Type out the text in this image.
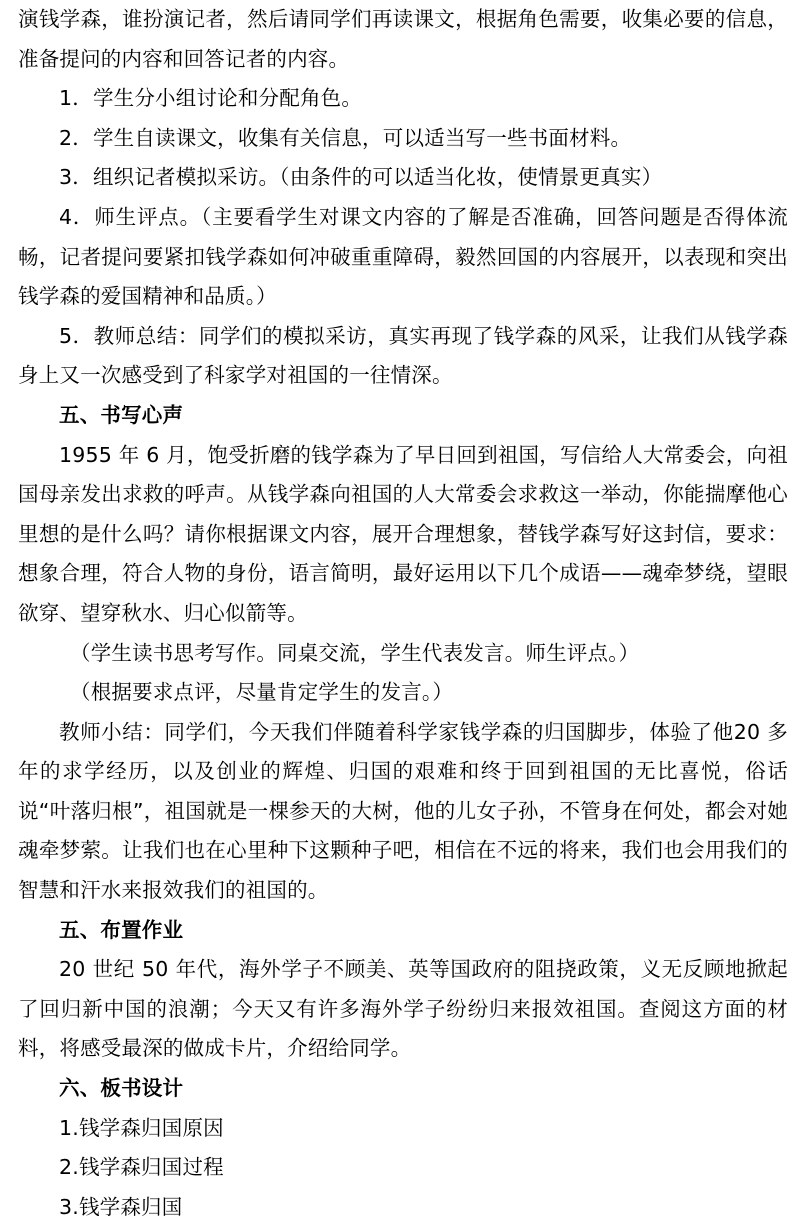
演钱学森，谁扮演记者，然后请同学们再读课文，根据角色需要，收集必要的信息，准备提问的内容和回答记者的内容。

1．学生分小组讨论和分配角色。

2．学生自读课文，收集有关信息，可以适当写一些书面材料。

3．组织记者模拟采访。（由条件的可以适当化妆，使情景更真实）

4．师生评点。（主要看学生对课文内容的了解是否准确，回答问题是否得体流畅，记者提问要紧扣钱学森如何冲破重重障碍，毅然回国的内容展开，以表现和突出钱学森的爱国精神和品质。）

5．教师总结：同学们的模拟采访，真实再现了钱学森的风采，让我们从钱学森身上又一次感受到了科家学对祖国的一往情深。

五、书写心声

1955 年 6 月，饱受折磨的钱学森为了早日回到祖国，写信给人大常委会，向祖国母亲发出求救的呼声。从钱学森向祖国的人大常委会求救这一举动，你能揣摩他心里想的是什么吗？请你根据课文内容，展开合理想象，替钱学森写好这封信，要求：想象合理，符合人物的身份，语言简明，最好运用以下几个成语——魂牵梦绕，望眼欲穿、望穿秋水、归心似箭等。

（学生读书思考写作。同桌交流，学生代表发言。师生评点。）

（根据要求点评，尽量肯定学生的发言。）

教师小结：同学们，今天我们伴随着科学家钱学森的归国脚步，体验了他20 多年的求学经历，以及创业的辉煌、归国的艰难和终于回到祖国的无比喜悦，俗话说“叶落归根”，祖国就是一棵参天的大树，他的儿女子孙，不管身在何处，都会对她魂牵梦萦。让我们也在心里种下这颗种子吧，相信在不远的将来，我们也会用我们的智慧和汗水来报效我们的祖国的。

五、布置作业

20 世纪 50 年代，海外学子不顾美、英等国政府的阻挠政策，义无反顾地掀起了回归新中国的浪潮；今天又有许多海外学子纷纷归来报效祖国。查阅这方面的材料，将感受最深的做成卡片，介绍给同学。

六、板书设计

1.钱学森归国原因

2.钱学森归国过程

3.钱学森归国
